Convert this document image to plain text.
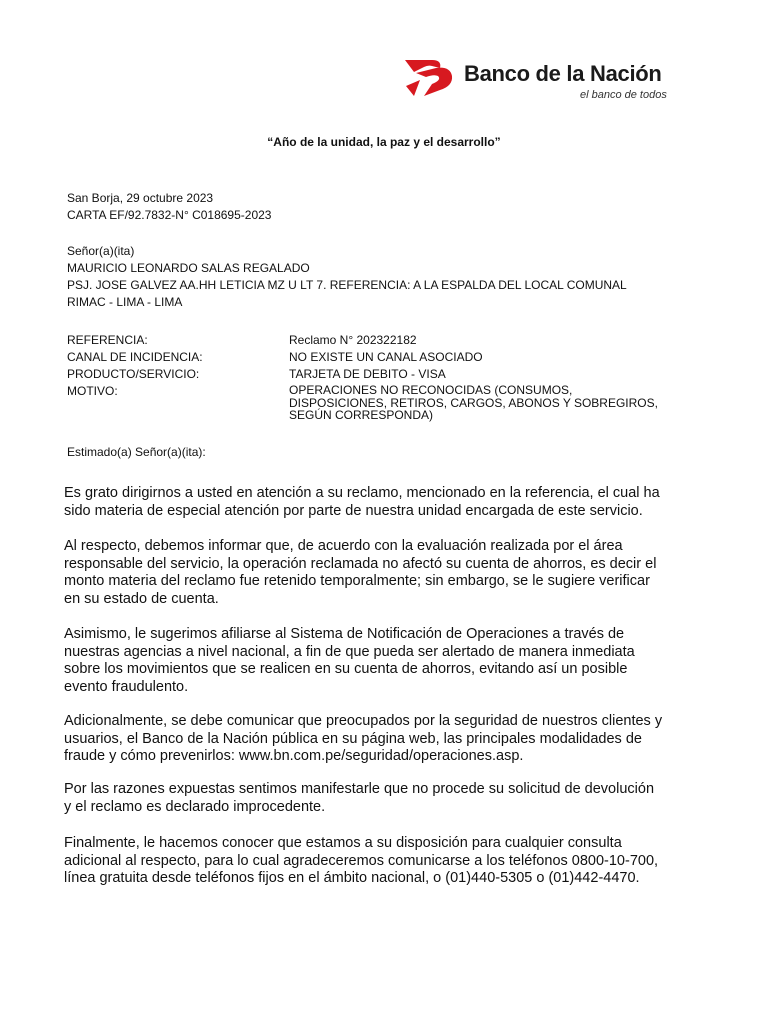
Banco de la Nación
el banco de todos
“Año de la unidad, la paz y el desarrollo”
San Borja, 29 octubre 2023
CARTA EF/92.7832-N° C018695-2023
Señor(a)(ita)
MAURICIO LEONARDO SALAS REGALADO
PSJ. JOSE GALVEZ AA.HH LETICIA MZ U LT 7. REFERENCIA: A LA ESPALDA DEL LOCAL COMUNAL
RIMAC - LIMA - LIMA
REFERENCIA:	Reclamo N° 202322182
CANAL DE INCIDENCIA:	NO EXISTE UN CANAL ASOCIADO
PRODUCTO/SERVICIO:	TARJETA DE DEBITO - VISA
MOTIVO:	OPERACIONES NO RECONOCIDAS (CONSUMOS,
DISPOSICIONES, RETIROS, CARGOS, ABONOS Y SOBREGIROS,
SEGÚN CORRESPONDA)
Estimado(a) Señor(a)(ita):
Es grato dirigirnos a usted en atención a su reclamo, mencionado en la referencia, el cual ha
sido materia de especial atención por parte de nuestra unidad encargada de este servicio.
Al respecto, debemos informar que, de acuerdo con la evaluación realizada por el área
responsable del servicio, la operación reclamada no afectó su cuenta de ahorros, es decir el
monto materia del reclamo fue retenido temporalmente; sin embargo, se le sugiere verificar
en su estado de cuenta.
Asimismo, le sugerimos afiliarse al Sistema de Notificación de Operaciones a través de
nuestras agencias a nivel nacional, a fin de que pueda ser alertado de manera inmediata
sobre los movimientos que se realicen en su cuenta de ahorros, evitando así un posible
evento fraudulento.
Adicionalmente, se debe comunicar que preocupados por la seguridad de nuestros clientes y
usuarios, el Banco de la Nación pública en su página web, las principales modalidades de
fraude y cómo prevenirlos: www.bn.com.pe/seguridad/operaciones.asp.
Por las razones expuestas sentimos manifestarle que no procede su solicitud de devolución
y el reclamo es declarado improcedente.
Finalmente, le hacemos conocer que estamos a su disposición para cualquier consulta
adicional al respecto, para lo cual agradeceremos comunicarse a los teléfonos 0800-10-700,
línea gratuita desde teléfonos fijos en el ámbito nacional, o (01)440-5305 o (01)442-4470.
